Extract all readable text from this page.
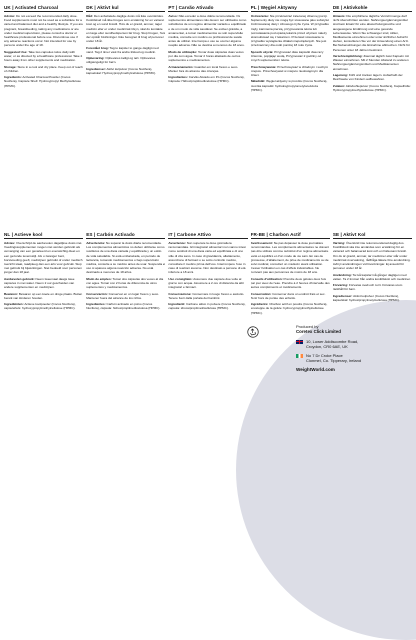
UK | Activated Charcoal

Advice: Do not exceed the recommended daily dose. Food supplements must not be used as a substitute for a varied and balanced diet and a healthy lifestyle. If you are pregnant, breastfeeding, taking any medications or are under medical supervision, please consult a doctor or healthcare professional before use. Discontinue use if any adverse reactions occur. Not intended for use by persons under the age of 18.

Suggested Use: Take two capsules twice daily with water, or as directed by a healthcare professional. Take 2 hours away from other supplements and medication.

Storage: Store in a cool and dry place. Keep out of reach of children.

Ingredients: Activated Charcoal Powder (Cocos Nucifera), Capsule Shell: Hydroxypropyl Methylcellulose (HPMC).

DK | Aktivt kul

Råd: Den anbefalede daglige dosis må ikke overskrides. Kosttilskud må ikke bruges som erstatning for en varieret kost og en sund livsstil. Hvis du er gravid, ammer, tager medicin eller er under medicinsk tilsyn, skal du kontakte en læge eller sundhedsperson før brug. Stop brugen, hvis der opstår bivirkninger. Ikke beregnet til brug af personer under 18 år.

Foreslået brug: Tag to kapsler to gange dagligt med vand. Tag 2 timer væk fra andre tilskud og medicin.

Opbevaring: Opbevares køligt og tørt. Opbevares utilgængeligt for børn.

Ingredienser: Aktivt kulpulver (Cocos Nucifera), kapselskal: Hydroxypropylmethylcellulose (HPMC).

PT | Carvão Ativado

Aviso: Não exceder a dose diária recomendada. Os suplementos alimentares não devem ser utilizados como substitutos de um regime alimentar variado e equilibrado e de um modo de vida saudável. Se estiver grávida, a amamentar, a tomar medicamentos ou sob supervisão médica, consulte um médico ou profissional de saúde antes de utilizar. Interrompa o uso se ocorrer alguma reação adversa. Não se destina a menores de 18 anos.

Modo de utilização: Tomar duas cápsulas duas vezes por dia com água. Tomar 2 horas afastado de outros suplementos e medicamentos.

Armazenamento: Guardar em local fresco e seco. Manter fora do alcance das crianças.

Ingredientes: Carvão Ativado em Pó (Cocos Nucifera), Cápsula: Hidroxipropilmetilcelulose (HPMC).

PL | Węgiel Aktywny

Ostrzeżenie: Nie przekraczać zalecanej dziennej porcji. Suplementy diety nie mogą być stosowane jako substytut zróżnicowanej diety i zdrowego trybu życia. W przypadku ciąży, karmienia piersią, przyjmowania leków lub pozostawania pod opieką lekarza przed użyciem należy skonsultować się z lekarzem. Przerwać stosowanie w przypadku wystąpienia działań niepożądanych. Nie jest przeznaczony dla osób poniżej 18 roku życia.

Sposób użycia: Przyjmować dwie kapsułki dwa razy dziennie, popijając wodą. Przyjmować 2 godziny od innych suplementów i leków.

Przechowywanie: Przechowywać w chłodnym i suchym miejscu. Przechowywać w miejscu niedostępnym dla dzieci.

Składniki: Węgiel aktywny w proszku (Cocos Nucifera), otoczka kapsułki: hydroksypropylometyloceluloza (HPMC).

DE | Aktivkohle

Hinweis: Die empfohlene tägliche Verzehrmenge darf nicht überschritten werden. Nahrungsergänzungsmittel sind kein Ersatz für eine abwechslungsreiche und ausgewogene Ernährung und eine gesunde Lebensweise. Wenn Sie schwanger sind, stillen, Medikamente einnehmen oder unter ärztlicher Aufsicht stehen, konsultieren Sie vor der Anwendung einen Arzt. Bei Nebenwirkungen die Einnahme abbrechen. Nicht für Personen unter 18 Jahren bestimmt.

Verzehrempfehlung: Zweimal täglich zwei Kapseln mit Wasser einnehmen. Mit 2 Stunden Abstand zu anderen Nahrungsergänzungsmitteln und Medikamenten einnehmen.

Lagerung: Kühl und trocken lagern. Außerhalb der Reichweite von Kindern aufbewahren.

Zutaten: Aktivkohlepulver (Cocos Nucifera), Kapselhülle: Hydroxypropylmethylcellulose (HPMC).

NL | Actieve kool

Advies: Overschrijd de aanbevolen dagelijkse dosis niet. Voedingssupplementen mogen niet worden gebruikt als vervanging van een gevarieerd en evenwichtig dieet en een gezonde levensstijl. Als u zwanger bent, borstvoeding geeft, medicijnen gebruikt of onder medisch toezicht staat, raadpleeg dan een arts voor gebruik. Stop met gebruik bij bijwerkingen. Niet bedoeld voor personen jonger dan 18 jaar.

Aanbevolen gebruik: Neem tweemaal daags twee capsules in met water. Neem 2 uur gescheiden van andere supplementen en medicijnen.

Bewaren: Bewaren op een koele en droge plaats. Buiten bereik van kinderen houden.

Ingrediënten: Actieve koolpoeder (Cocos Nucifera), capsulehuls: hydroxypropylmethylcellulose (HPMC).

ES | Carbón Activado

Advertencia: No superar la dosis diaria recomendada. Los complementos alimenticios no deben utilizarse como sustitutos de una dieta variada y equilibrada y un estilo de vida saludable. Si está embarazada, en periodo de lactancia, tomando medicamentos o bajo supervisión médica, consulte a su médico antes de usar. Suspenda el uso si aparece alguna reacción adversa. No está destinado a menores de 18 años.

Modo de empleo: Tomar dos cápsulas dos veces al día con agua. Tomar con 2 horas de diferencia de otros suplementos y medicamentos.

Conservación: Conservar en un lugar fresco y seco. Mantener fuera del alcance de los niños.

Ingredientes: Carbón activado en polvo (Cocos Nucifera), cápsula: hidroxipropilmetilcelulosa (HPMC).

IT | Carbone Attivo

Avvertenze: Non superare la dose giornaliera raccomandata. Gli integratori alimentari non vanno intesi come sostituti di una dieta varia ed equilibrata e di uno stile di vita sano. In caso di gravidanza, allattamento, assunzione di farmaci o se sotto controllo medico, consultare il medico prima dell'uso. Interrompere l'uso in caso di reazioni avverse. Non destinato a persone di età inferiore a 18 anni.

Uso consigliato: Assumere due capsule due volte al giorno con acqua. Assumere a 2 ore di distanza da altri integratori e farmaci.

Conservazione: Conservare in luogo fresco e asciutto. Tenere fuori dalla portata dei bambini.

Ingredienti: Carbone attivo in polvere (Cocos Nucifera), capsula: idrossipropilmetilcellulosa (HPMC).

FR-BE | Charbon Actif

Avertissement: Ne pas dépasser la dose journalière recommandée. Les compléments alimentaires ne doivent pas être utilisés comme substitut d'un régime alimentaire varié et équilibré et d'un mode de vie sain. En cas de grossesse, d'allaitement, de prise de médicaments ou de suivi médical, consultez un médecin avant utilisation. Cesser l'utilisation en cas d'effets indésirables. Ne convient pas aux personnes de moins de 18 ans.

Conseils d'utilisation: Prendre deux gélules deux fois par jour avec de l'eau. Prendre à 2 heures d'intervalle des autres compléments et médicaments.

Conservation: Conserver dans un endroit frais et sec. Tenir hors de portée des enfants.

Ingrédients: Charbon actif en poudre (Cocos Nucifera), enveloppe de la gélule: hydroxypropylméthylcellulose (HPMC).

SE | Aktivt Kol

Varning: Överskrid inte rekommenderad daglig dos. Kosttillskott ska inte användas som ersättning för en varierad och balanserad kost och en hälsosam livsstil. Om du är gravid, ammar, tar mediciner eller står under medicinsk övervakning, rådfråga läkare före användning. Avbryt användningen vid biverkningar. Ej avsedd för personer under 18 år.

Användning: Ta två kapslar två gånger dagligen med vatten. Ta 2 timmar från andra kosttillskott och mediciner.

Förvaring: Förvaras svalt och torrt. Förvaras utom räckhåll för barn.

Ingredienser: Aktivt kolpulver (Cocos Nucifera), kapselskal: hydroxipropylmetylcellulosa (HPMC).

Produced by
Coretex Click Limited
10, Lower Addiscombe Road,
Croydon, CR0 6AE, UK
No 7 Dr Croke Place
Clonmel, Co. Tipperary, Ireland
WeightWorld.com
